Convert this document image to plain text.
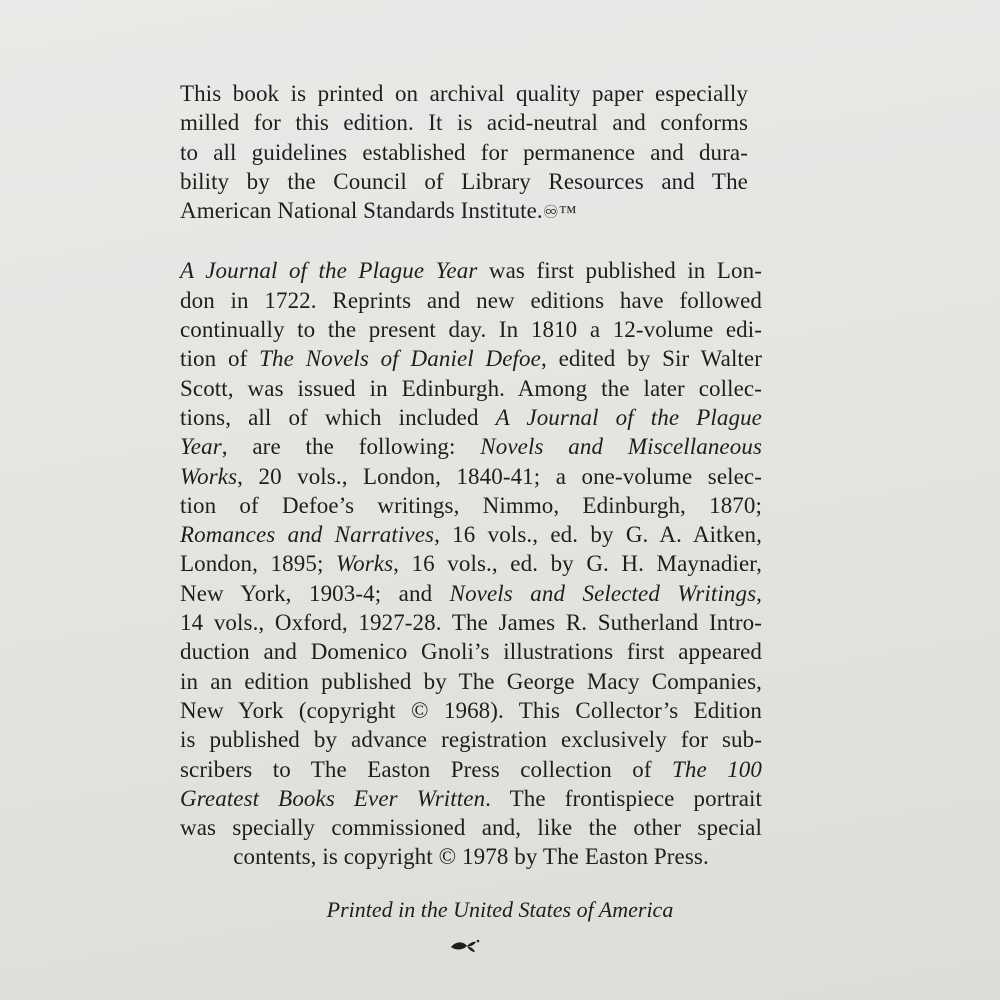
This book is printed on archival quality paper especially
milled for this edition. It is acid-neutral and conforms
to all guidelines established for permanence and dura-
bility by the Council of Library Resources and The
American National Standards Institute.♾™
A Journal of the Plague Year was first published in Lon-
don in 1722. Reprints and new editions have followed
continually to the present day. In 1810 a 12-volume edi-
tion of The Novels of Daniel Defoe, edited by Sir Walter
Scott, was issued in Edinburgh. Among the later collec-
tions, all of which included A Journal of the Plague
Year, are the following: Novels and Miscellaneous
Works, 20 vols., London, 1840-41; a one-volume selec-
tion of Defoe’s writings, Nimmo, Edinburgh, 1870;
Romances and Narratives, 16 vols., ed. by G. A. Aitken,
London, 1895; Works, 16 vols., ed. by G. H. Maynadier,
New York, 1903-4; and Novels and Selected Writings,
14 vols., Oxford, 1927-28. The James R. Sutherland Intro-
duction and Domenico Gnoli’s illustrations first appeared
in an edition published by The George Macy Companies,
New York (copyright © 1968). This Collector’s Edition
is published by advance registration exclusively for sub-
scribers to The Easton Press collection of The 100
Greatest Books Ever Written. The frontispiece portrait
was specially commissioned and, like the other special
contents, is copyright © 1978 by The Easton Press.
Printed in the United States of America
